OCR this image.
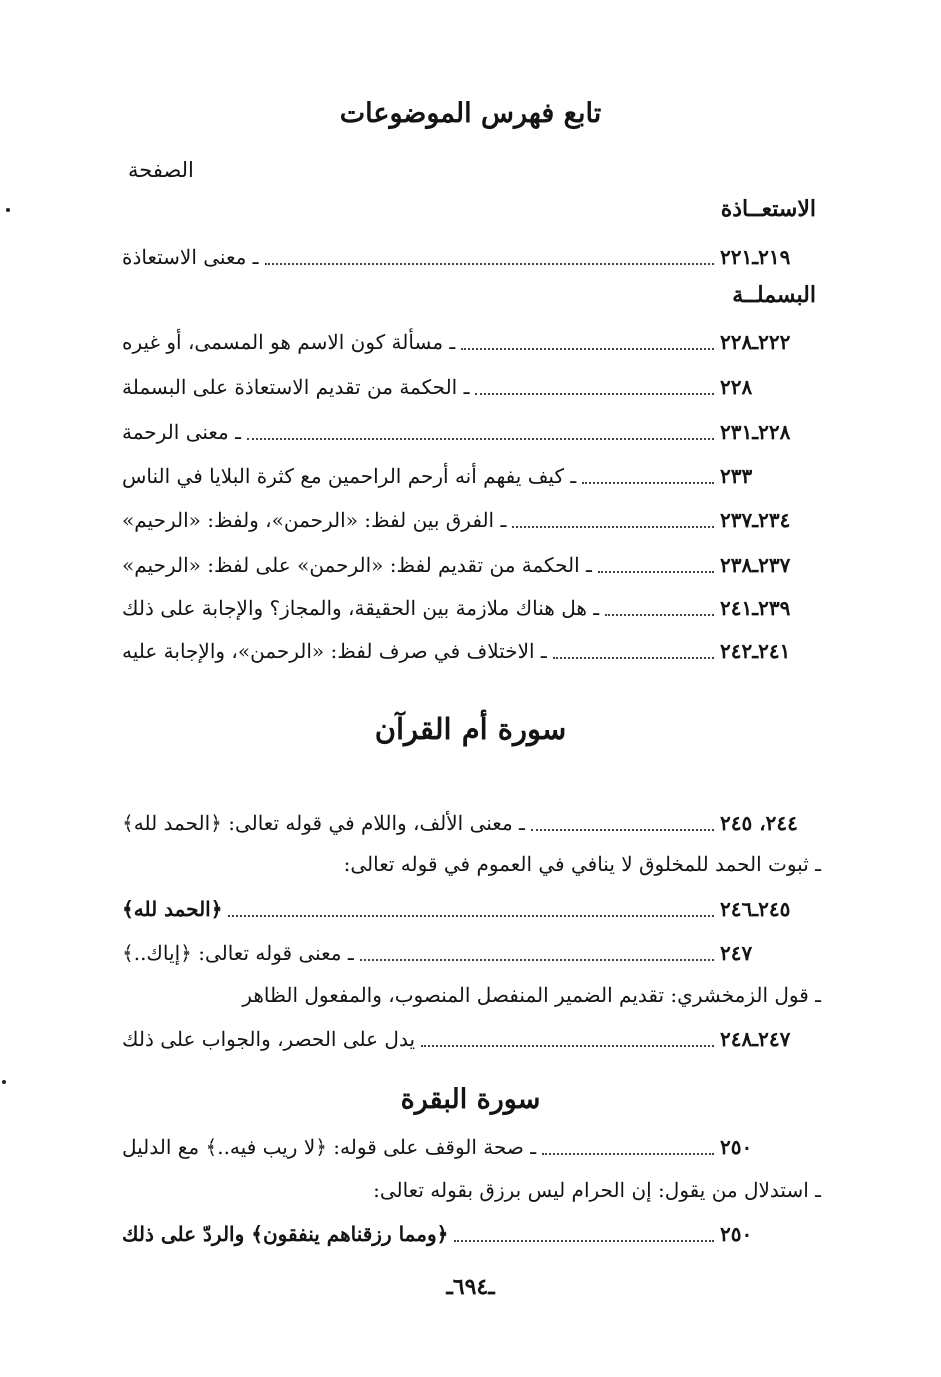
تابع فهرس الموضوعات
الصفحة
الاستعــاذة
ـ معنى الاستعاذة	٢١٩ـ٢٢١
البسملــة
ـ مسألة كون الاسم هو المسمى، أو غيره	٢٢٢ـ٢٢٨
ـ الحكمة من تقديم الاستعاذة على البسملة	٢٢٨
ـ معنى الرحمة	٢٢٨ـ٢٣١
ـ كيف يفهم أنه أرحم الراحمين مع كثرة البلايا في الناس	٢٣٣
ـ الفرق بين لفظ: «الرحمن»، ولفظ: «الرحيم»	٢٣٤ـ٢٣٧
ـ الحكمة من تقديم لفظ: «الرحمن» على لفظ: «الرحيم»	٢٣٧ـ٢٣٨
ـ هل هناك ملازمة بين الحقيقة، والمجاز؟ والإجابة على ذلك	٢٣٩ـ٢٤١
ـ الاختلاف في صرف لفظ: «الرحمن»، والإجابة عليه	٢٤١ـ٢٤٢
سورة أم القرآن
ـ معنى الألف، واللام في قوله تعالى: ﴿الحمد لله﴾	٢٤٤، ٢٤٥
ـ ثبوت الحمد للمخلوق لا ينافي في العموم في قوله تعالى:
﴿الحمد لله﴾	٢٤٥ـ٢٤٦
ـ معنى قوله تعالى: ﴿إياك..﴾	٢٤٧
ـ قول الزمخشري: تقديم الضمير المنفصل المنصوب، والمفعول الظاهر
يدل على الحصر، والجواب على ذلك	٢٤٧ـ٢٤٨
سورة البقرة
ـ صحة الوقف على قوله: ﴿لا ريب فيه..﴾ مع الدليل	٢٥٠
ـ استدلال من يقول: إن الحرام ليس برزق بقوله تعالى:
﴿ومما رزقناهم ينفقون﴾ والردّ على ذلك	٢٥٠
ـ٦٩٤ـ
